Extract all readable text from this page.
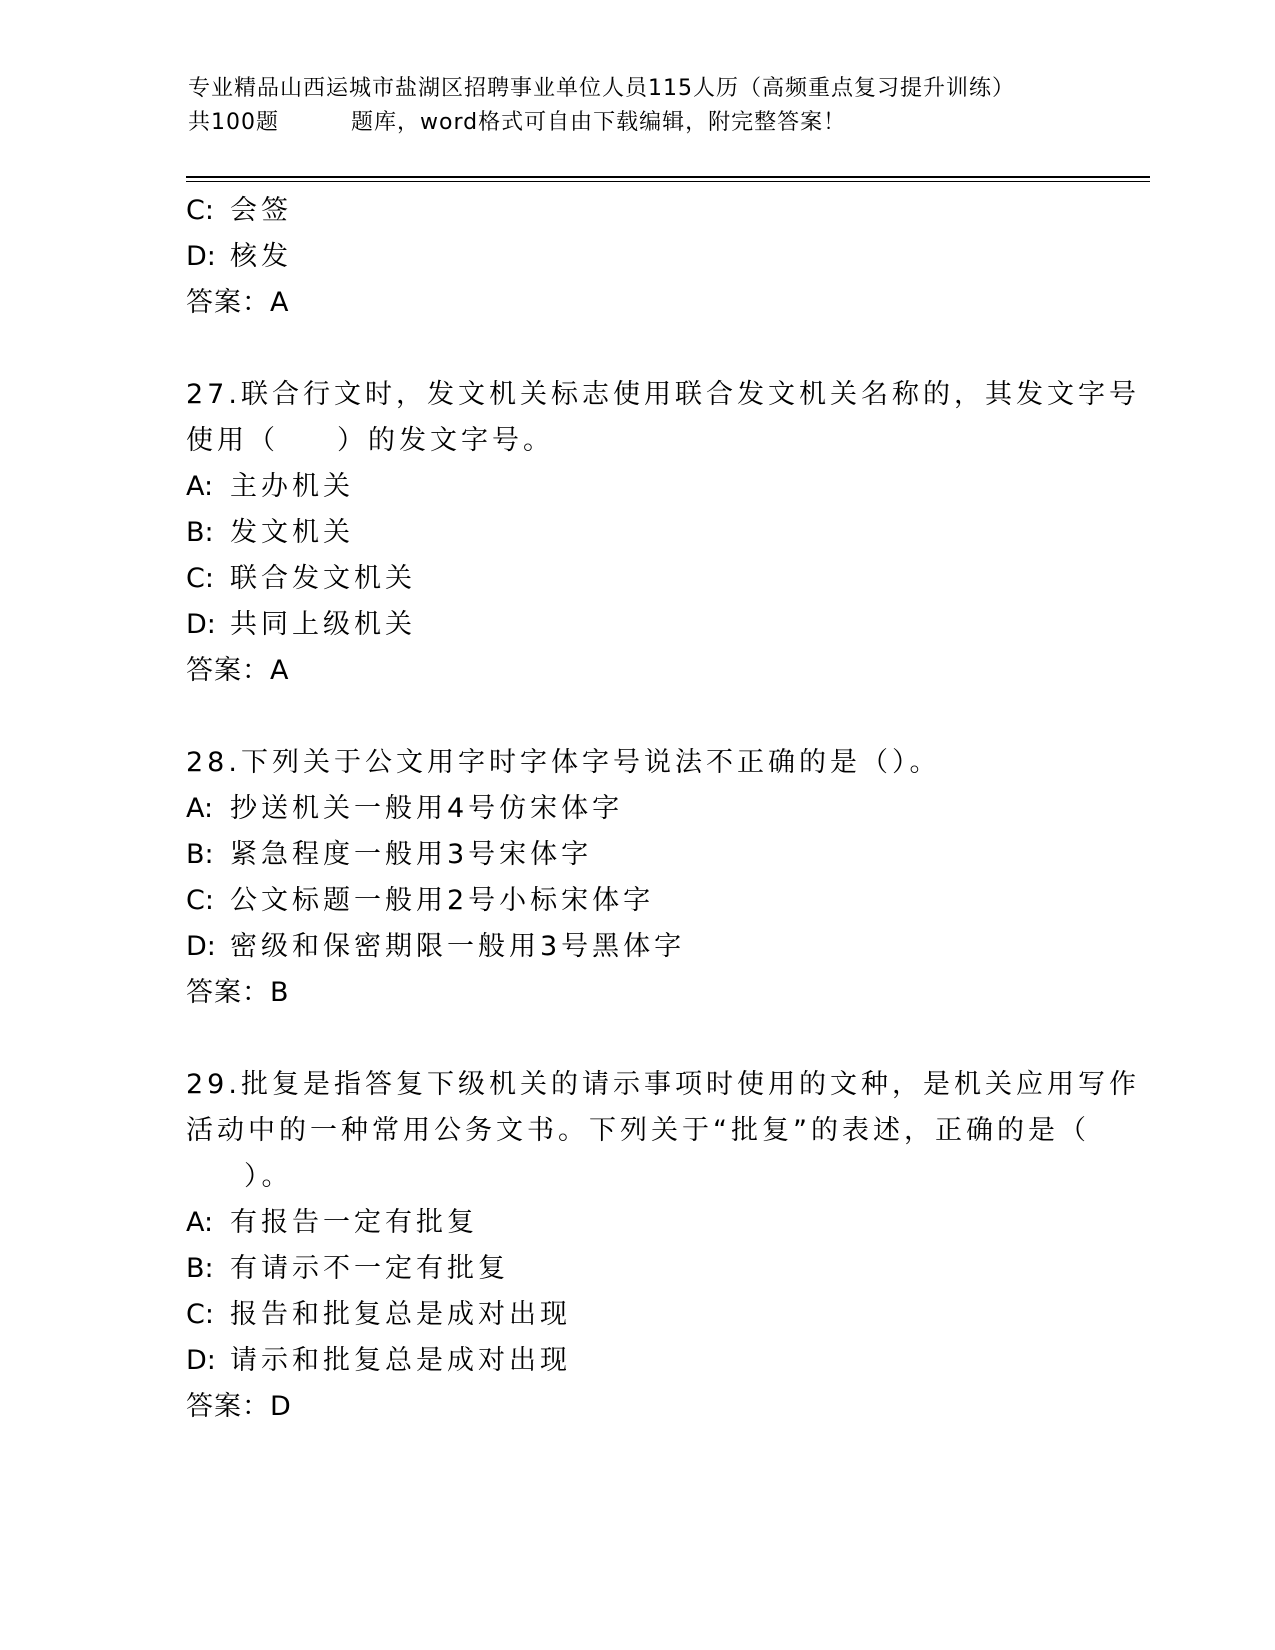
专业精品山西运城市盐湖区招聘事业单位人员115人历（高频重点复习提升训练）
共100题	题库，word格式可自由下载编辑，附完整答案！
C: 会签
D: 核发
答案：A
27.联合行文时，发文机关标志使用联合发文机关名称的，其发文字号
使用（ ）的发文字号。
A: 主办机关
B: 发文机关
C: 联合发文机关
D: 共同上级机关
答案：A
28.下列关于公文用字时字体字号说法不正确的是（）。
A: 抄送机关一般用4号仿宋体字
B: 紧急程度一般用3号宋体字
C: 公文标题一般用2号小标宋体字
D: 密级和保密期限一般用3号黑体字
答案：B
29.批复是指答复下级机关的请示事项时使用的文种，是机关应用写作
活动中的一种常用公务文书。下列关于“批复”的表述，正确的是（
）。
A: 有报告一定有批复
B: 有请示不一定有批复
C: 报告和批复总是成对出现
D: 请示和批复总是成对出现
答案：D
